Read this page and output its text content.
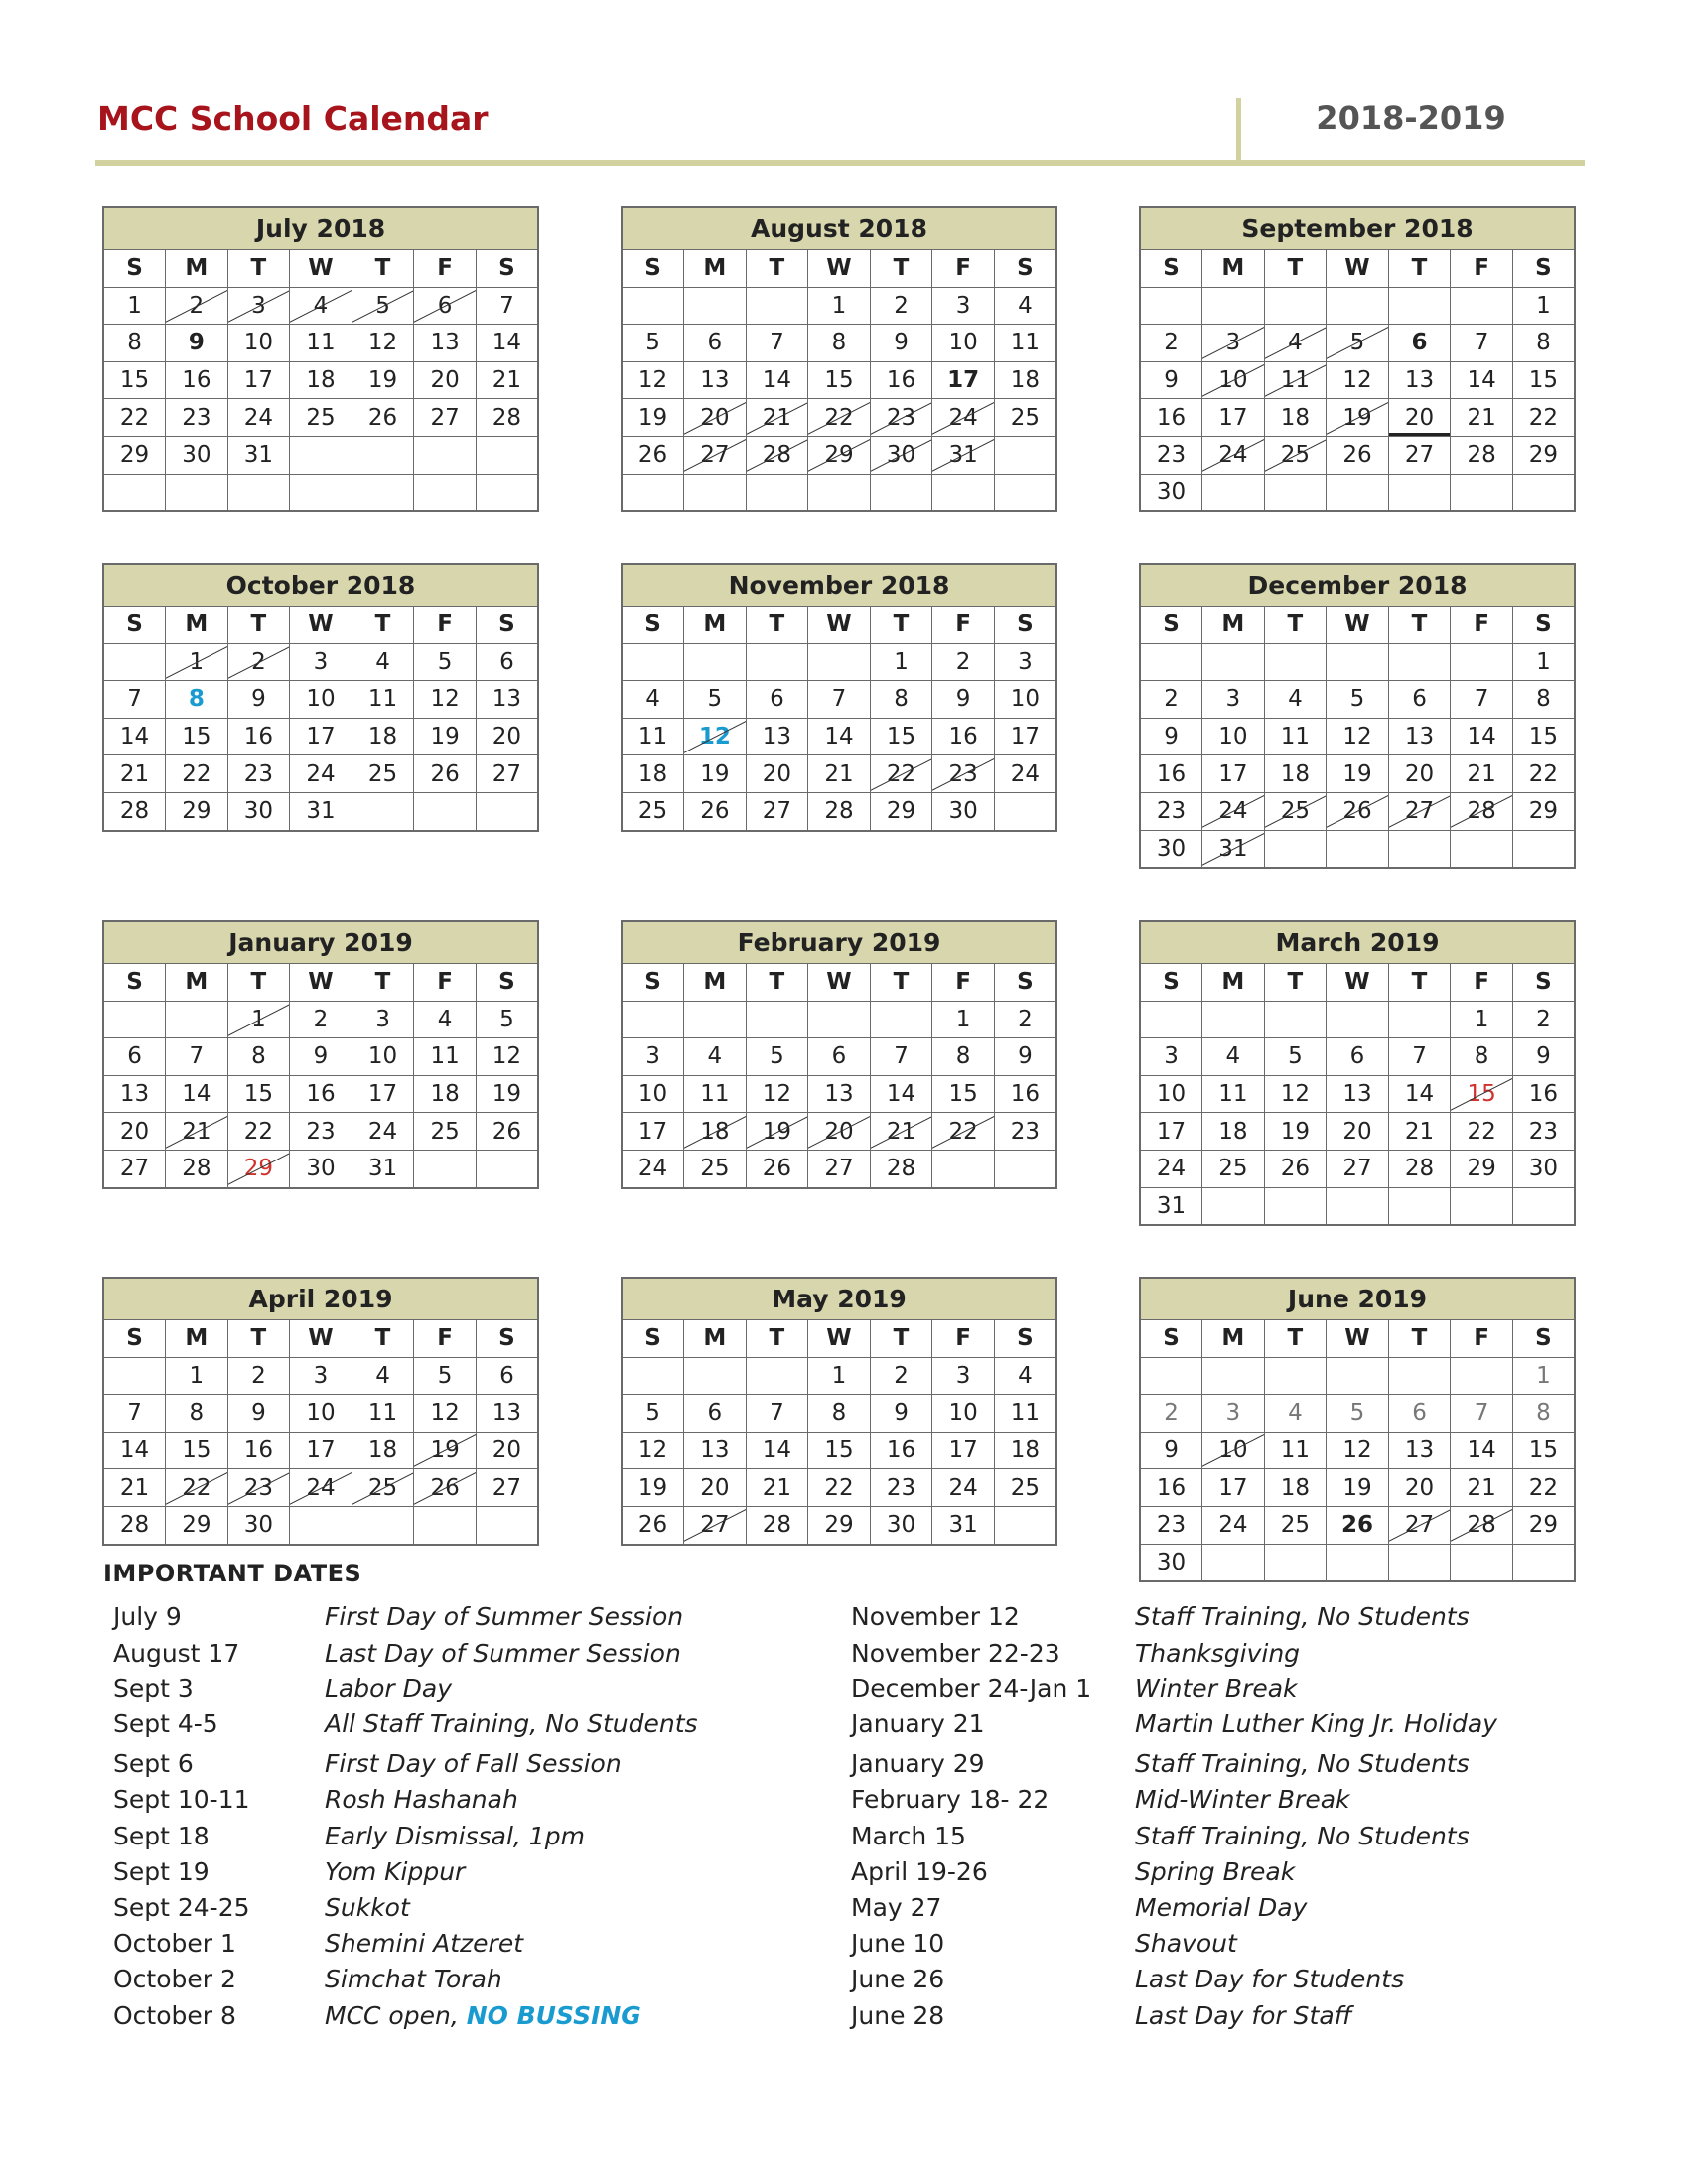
MCC School Calendar	2018-2019
July 2018						
S	M	T	W	T	F	S
1	2	3	4	5	6	7
8	9	10	11	12	13	14
15	16	17	18	19	20	21
22	23	24	25	26	27	28
29	30	31				

August 2018						
S	M	T	W	T	F	S
			1	2	3	4
5	6	7	8	9	10	11
12	13	14	15	16	17	18
19	20	21	22	23	24	25
26	27	28	29	30	31	

September 2018						
S	M	T	W	T	F	S
						1
2	3	4	5	6	7	8
9	10	11	12	13	14	15
16	17	18	19	20	21	22
23	24	25	26	27	28	29
30						
October 2018						
S	M	T	W	T	F	S
	1	2	3	4	5	6
7	8	9	10	11	12	13
14	15	16	17	18	19	20
21	22	23	24	25	26	27
28	29	30	31			
November 2018						
S	M	T	W	T	F	S
				1	2	3
4	5	6	7	8	9	10
11	12	13	14	15	16	17
18	19	20	21	22	23	24
25	26	27	28	29	30	
December 2018						
S	M	T	W	T	F	S
						1
2	3	4	5	6	7	8
9	10	11	12	13	14	15
16	17	18	19	20	21	22
23	24	25	26	27	28	29
30	31					
January 2019						
S	M	T	W	T	F	S
		1	2	3	4	5
6	7	8	9	10	11	12
13	14	15	16	17	18	19
20	21	22	23	24	25	26
27	28	29	30	31		
February 2019						
S	M	T	W	T	F	S
					1	2
3	4	5	6	7	8	9
10	11	12	13	14	15	16
17	18	19	20	21	22	23
24	25	26	27	28		
March 2019						
S	M	T	W	T	F	S
					1	2
3	4	5	6	7	8	9
10	11	12	13	14	15	16
17	18	19	20	21	22	23
24	25	26	27	28	29	30
31						
April 2019						
S	M	T	W	T	F	S
	1	2	3	4	5	6
7	8	9	10	11	12	13
14	15	16	17	18	19	20
21	22	23	24	25	26	27
28	29	30				
May 2019						
S	M	T	W	T	F	S
			1	2	3	4
5	6	7	8	9	10	11
12	13	14	15	16	17	18
19	20	21	22	23	24	25
26	27	28	29	30	31	
June 2019						
S	M	T	W	T	F	S
						1
2	3	4	5	6	7	8
9	10	11	12	13	14	15
16	17	18	19	20	21	22
23	24	25	26	27	28	29
30						
IMPORTANT DATES
July 9	First Day of Summer Session
August 17	Last Day of Summer Session
Sept 3	Labor Day
Sept 4-5	All Staff Training, No Students
Sept 6	First Day of Fall Session
Sept 10-11	Rosh Hashanah
Sept 18	Early Dismissal, 1pm
Sept 19	Yom Kippur
Sept 24-25	Sukkot
October 1	Shemini Atzeret
October 2	Simchat Torah
October 8	MCC open, NO BUSSING
November 12	Staff Training, No Students
November 22-23	Thanksgiving
December 24-Jan 1 Winter Break
January 21	Martin Luther King Jr. Holiday
January 29	Staff Training, No Students
February 18- 22	Mid-Winter Break
March 15	Staff Training, No Students
April 19-26	Spring Break
May 27	Memorial Day
June 10	Shavout
June 26	Last Day for Students
June 28	Last Day for Staff
